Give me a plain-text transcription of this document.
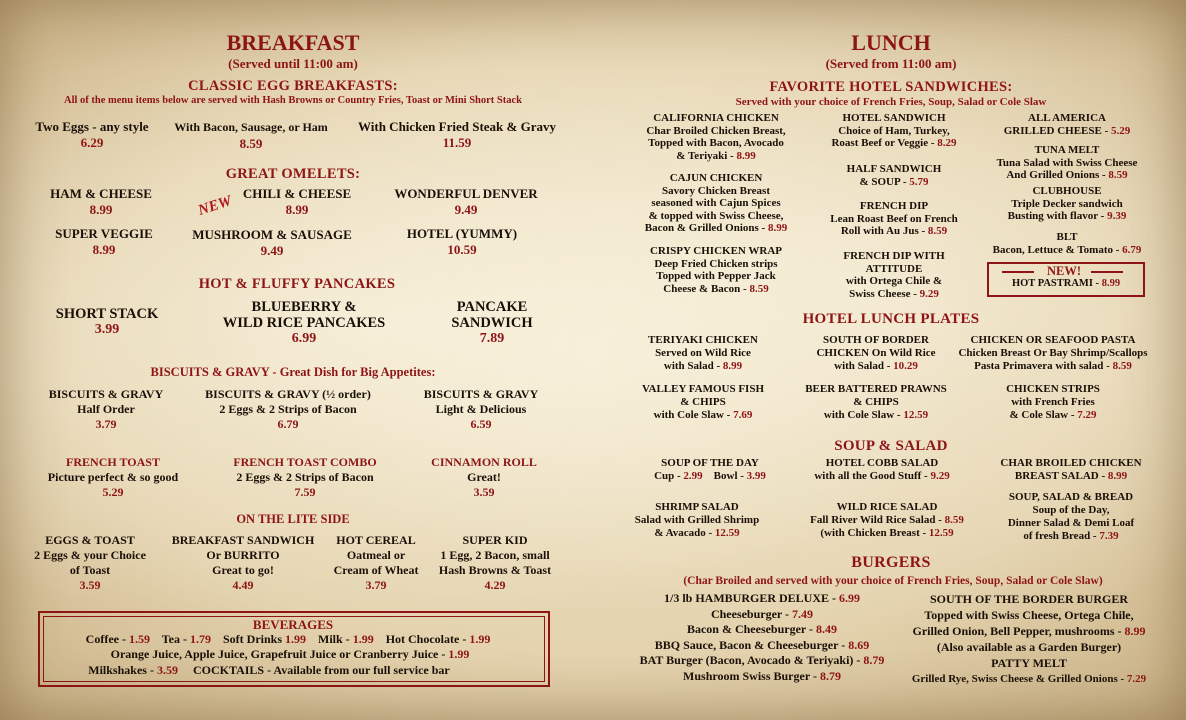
BREAKFAST
(Served until 11:00 am)
CLASSIC EGG BREAKFASTS:
All of the menu items below are served with Hash Browns or Country Fries, Toast or Mini Short Stack
Two Eggs - any style
6.29
With Bacon, Sausage, or Ham
8.59
With Chicken Fried Steak & Gravy
11.59
GREAT OMELETS:
NEW
HAM & CHEESE
8.99
CHILI & CHEESE
8.99
WONDERFUL DENVER
9.49
SUPER VEGGIE
8.99
MUSHROOM & SAUSAGE
9.49
HOTEL (YUMMY)
10.59
HOT & FLUFFY PANCAKES
SHORT STACK
3.99
BLUEBERRY &
WILD RICE PANCAKES
6.99
PANCAKE
SANDWICH
7.89
BISCUITS & GRAVY - Great Dish for Big Appetites:
BISCUITS & GRAVY
Half Order
3.79
BISCUITS & GRAVY (½ order)
2 Eggs & 2 Strips of Bacon
6.79
BISCUITS & GRAVY
Light & Delicious
6.59
FRENCH TOAST
Picture perfect & so good
5.29
FRENCH TOAST COMBO
2 Eggs & 2 Strips of Bacon
7.59
CINNAMON ROLL
Great!
3.59
ON THE LITE SIDE
EGGS & TOAST
2 Eggs & your Choice
of Toast
3.59
BREAKFAST SANDWICH
Or BURRITO
Great to go!
4.49
HOT CEREAL
Oatmeal or
Cream of Wheat
3.79
SUPER KID
1 Egg, 2 Bacon, small
Hash Browns & Toast
4.29
BEVERAGES
Coffee - 1.59 Tea - 1.79 Soft Drinks 1.99 Milk - 1.99 Hot Chocolate - 1.99
Orange Juice, Apple Juice, Grapefruit Juice or Cranberry Juice - 1.99
Milkshakes - 3.59 COCKTAILS - Available from our full service bar
LUNCH
(Served from 11:00 am)
FAVORITE HOTEL SANDWICHES:
Served with your choice of French Fries, Soup, Salad or Cole Slaw
CALIFORNIA CHICKEN
Char Broiled Chicken Breast,
Topped with Bacon, Avocado
& Teriyaki - 8.99
CAJUN CHICKEN
Savory Chicken Breast
seasoned with Cajun Spices
& topped with Swiss Cheese,
Bacon & Grilled Onions - 8.99
CRISPY CHICKEN WRAP
Deep Fried Chicken strips
Topped with Pepper Jack
Cheese & Bacon - 8.59
HOTEL SANDWICH
Choice of Ham, Turkey,
Roast Beef or Veggie - 8.29
HALF SANDWICH
& SOUP - 5.79
FRENCH DIP
Lean Roast Beef on French
Roll with Au Jus - 8.59
FRENCH DIP WITH
ATTITUDE
with Ortega Chile &
Swiss Cheese - 9.29
ALL AMERICA
GRILLED CHEESE - 5.29
TUNA MELT
Tuna Salad with Swiss Cheese
And Grilled Onions - 8.59
CLUBHOUSE
Triple Decker sandwich
Busting with flavor - 9.39
BLT
Bacon, Lettuce & Tomato - 6.79
NEW!
HOT PASTRAMI - 8.99
HOTEL LUNCH PLATES
TERIYAKI CHICKEN
Served on Wild Rice
with Salad - 8.99
SOUTH OF BORDER
CHICKEN On Wild Rice
with Salad - 10.29
CHICKEN OR SEAFOOD PASTA
Chicken Breast Or Bay Shrimp/Scallops
Pasta Primavera with salad - 8.59
VALLEY FAMOUS FISH
& CHIPS
with Cole Slaw - 7.69
BEER BATTERED PRAWNS
& CHIPS
with Cole Slaw - 12.59
CHICKEN STRIPS
with French Fries
& Cole Slaw - 7.29
SOUP & SALAD
SOUP OF THE DAY
Cup - 2.99 Bowl - 3.99
HOTEL COBB SALAD
with all the Good Stuff - 9.29
CHAR BROILED CHICKEN
BREAST SALAD - 8.99
SHRIMP SALAD
Salad with Grilled Shrimp
& Avacado - 12.59
WILD RICE SALAD
Fall River Wild Rice Salad - 8.59
(with Chicken Breast - 12.59
SOUP, SALAD & BREAD
Soup of the Day,
Dinner Salad & Demi Loaf
of fresh Bread - 7.39
BURGERS
(Char Broiled and served with your choice of French Fries, Soup, Salad or Cole Slaw)
1/3 lb HAMBURGER DELUXE - 6.99
Cheeseburger - 7.49
Bacon & Cheeseburger - 8.49
BBQ Sauce, Bacon & Cheeseburger - 8.69
BAT Burger (Bacon, Avocado & Teriyaki) - 8.79
Mushroom Swiss Burger - 8.79
SOUTH OF THE BORDER BURGER
Topped with Swiss Cheese, Ortega Chile,
Grilled Onion, Bell Pepper, mushrooms - 8.99
(Also available as a Garden Burger)
PATTY MELT
Grilled Rye, Swiss Cheese & Grilled Onions - 7.29
